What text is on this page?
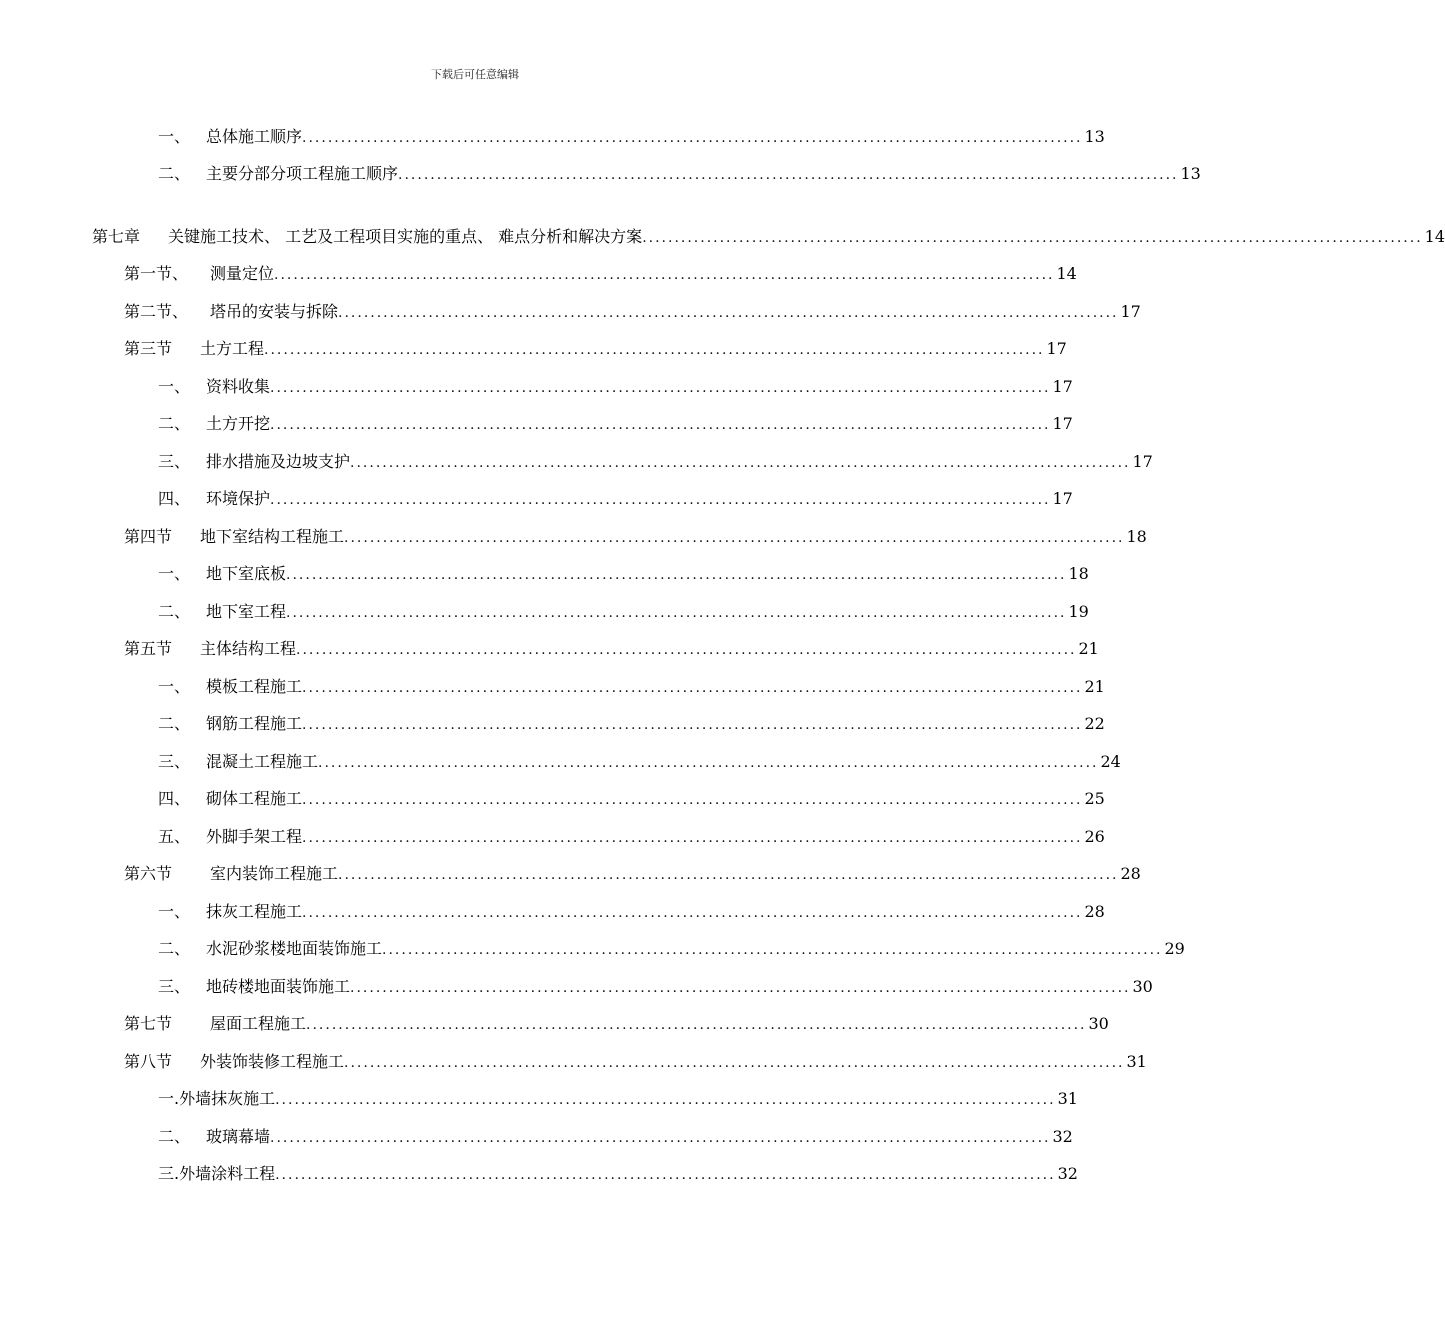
下载后可任意编辑
一、 总体施工顺序 ......................................................................................................................... 13
二、 主要分部分项工程施工顺序 ......................................................................................................................... 13
第七章 关键施工技术、 工艺及工程项目实施的重点、 难点分析和解决方案 ......................................................................................................................... 14
第一节、 测量定位 ......................................................................................................................... 14
第二节、 塔吊的安装与拆除 ......................................................................................................................... 17
第三节 土方工程 ......................................................................................................................... 17
一、 资料收集 ......................................................................................................................... 17
二、 土方开挖 ......................................................................................................................... 17
三、 排水措施及边坡支护 ......................................................................................................................... 17
四、 环境保护 ......................................................................................................................... 17
第四节 地下室结构工程施工 ......................................................................................................................... 18
一、 地下室底板 ......................................................................................................................... 18
二、 地下室工程 ......................................................................................................................... 19
第五节 主体结构工程 ......................................................................................................................... 21
一、 模板工程施工 ......................................................................................................................... 21
二、 钢筋工程施工 ......................................................................................................................... 22
三、 混凝土工程施工 ......................................................................................................................... 24
四、 砌体工程施工 ......................................................................................................................... 25
五、 外脚手架工程 ......................................................................................................................... 26
第六节 室内装饰工程施工 ......................................................................................................................... 28
一、 抹灰工程施工 ......................................................................................................................... 28
二、 水泥砂浆楼地面装饰施工 ......................................................................................................................... 29
三、 地砖楼地面装饰施工 ......................................................................................................................... 30
第七节 屋面工程施工 ......................................................................................................................... 30
第八节 外装饰装修工程施工 ......................................................................................................................... 31
一.外墙抹灰施工 ......................................................................................................................... 31
二、 玻璃幕墙 ......................................................................................................................... 32
三.外墙涂料工程 ......................................................................................................................... 32
